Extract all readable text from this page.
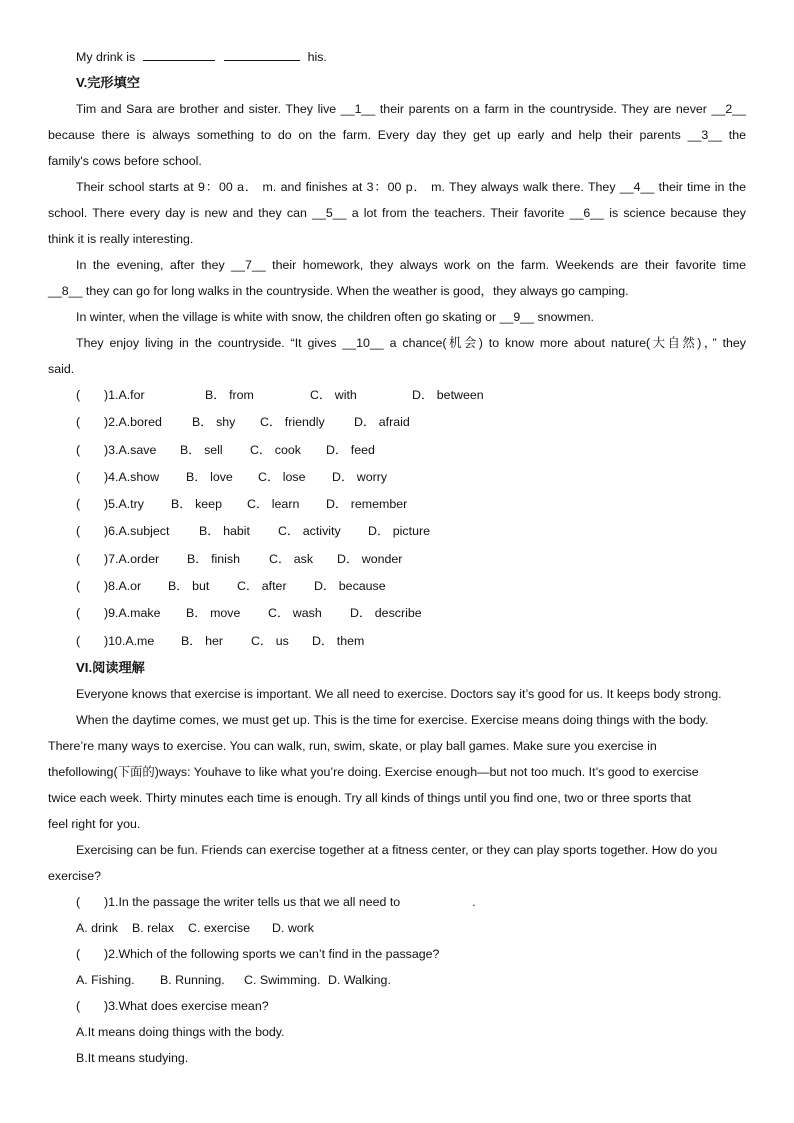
My drink is	his.
V.完形填空
Tim and Sara are brother and sister. They live __1__ their parents on a farm in the countryside. They are never __2__
because there is always something to do on the farm. Every day they get up early and help their parents __3__ the
family's cows before school.
Their school starts at 9：00 a． m. and finishes at 3：00 p． m. They always walk there. They __4__ their time in the
school. There every day is new and they can __5__ a lot from the teachers. Their favorite __6__ is science because they
think it is really interesting.
In the evening, after they __7__ their homework, they always work on the farm. Weekends are their favorite time
__8__ they can go for long walks in the countryside. When the weather is good，they always go camping.
In winter, when the village is white with snow, the children often go skating or __9__ snowmen.
They enjoy living in the countryside. “It gives __10__ a chance(机会) to know more about nature(大自然)，” they
said.
( )1.A.for	B． from	C． with	D． between
( )2.A.bored B． shy C． friendly D． afraid
( )3.A.save B． sell C． cook D． feed
( )4.A.show B． love C． lose D． worry
( )5.A.try B． keep C． learn D． remember
( )6.A.subject B． habit C． activity D． picture
( )7.A.order B． finish C． ask D． wonder
( )8.A.or B． but C． after D． because
( )9.A.make B． move C． wash D． describe
( )10.A.me B． her C． us D． them
VI.阅读理解
Everyone knows that exercise is important. We all need to exercise. Doctors say it’s good for us. It keeps body strong.
When the daytime comes, we must get up. This is the time for exercise. Exercise means doing things with the body.
There’re many ways to exercise. You can walk, run, swim, skate, or play ball games. Make sure you exercise in
thefollowing(下面的)ways: Youhave to like what you’re doing. Exercise enough—but not too much. It’s good to exercise
twice each week. Thirty minutes each time is enough. Try all kinds of things until you find one, two or three sports that
feel right for you.
Exercising can be fun. Friends can exercise together at a fitness center, or they can play sports together. How do you
exercise?
( )1.In the passage the writer tells us that we all need to	.
A. drink B. relax C. exercise D. work
( )2.Which of the following sports we can’t find in the passage?
A. Fishing. B. Running. C. Swimming. D. Walking.
( )3.What does exercise mean?
A.It means doing things with the body.
B.It means studying.
